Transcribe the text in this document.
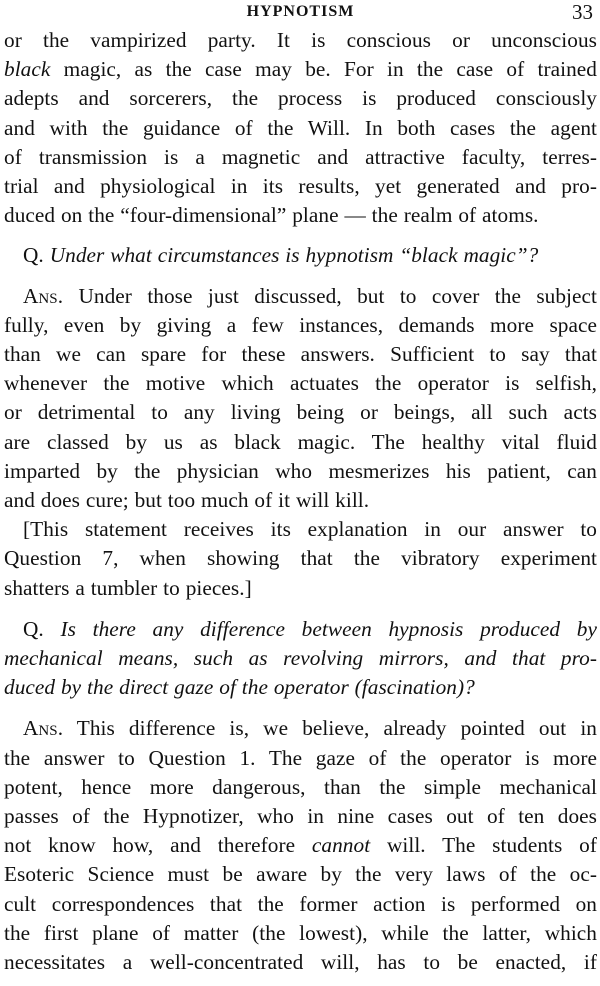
HYPNOTISM	33

or the vampirized party. It is conscious or unconscious
black magic, as the case may be. For in the case of trained
adepts and sorcerers, the process is produced consciously
and with the guidance of the Will. In both cases the agent
of transmission is a magnetic and attractive faculty, terres-
trial and physiological in its results, yet generated and pro-
duced on the “four-dimensional” plane — the realm of atoms.

Q. Under what circumstances is hypnotism “black magic”?

Ans. Under those just discussed, but to cover the subject
fully, even by giving a few instances, demands more space
than we can spare for these answers. Sufficient to say that
whenever the motive which actuates the operator is selfish,
or detrimental to any living being or beings, all such acts
are classed by us as black magic. The healthy vital fluid
imparted by the physician who mesmerizes his patient, can
and does cure; but too much of it will kill.

[This statement receives its explanation in our answer to
Question 7, when showing that the vibratory experiment
shatters a tumbler to pieces.]

Q. Is there any difference between hypnosis produced by
mechanical means, such as revolving mirrors, and that pro-
duced by the direct gaze of the operator (fascination)?

Ans. This difference is, we believe, already pointed out in
the answer to Question 1. The gaze of the operator is more
potent, hence more dangerous, than the simple mechanical
passes of the Hypnotizer, who in nine cases out of ten does
not know how, and therefore cannot will. The students of
Esoteric Science must be aware by the very laws of the oc-
cult correspondences that the former action is performed on
the first plane of matter (the lowest), while the latter, which
necessitates a well-concentrated will, has to be enacted, if
